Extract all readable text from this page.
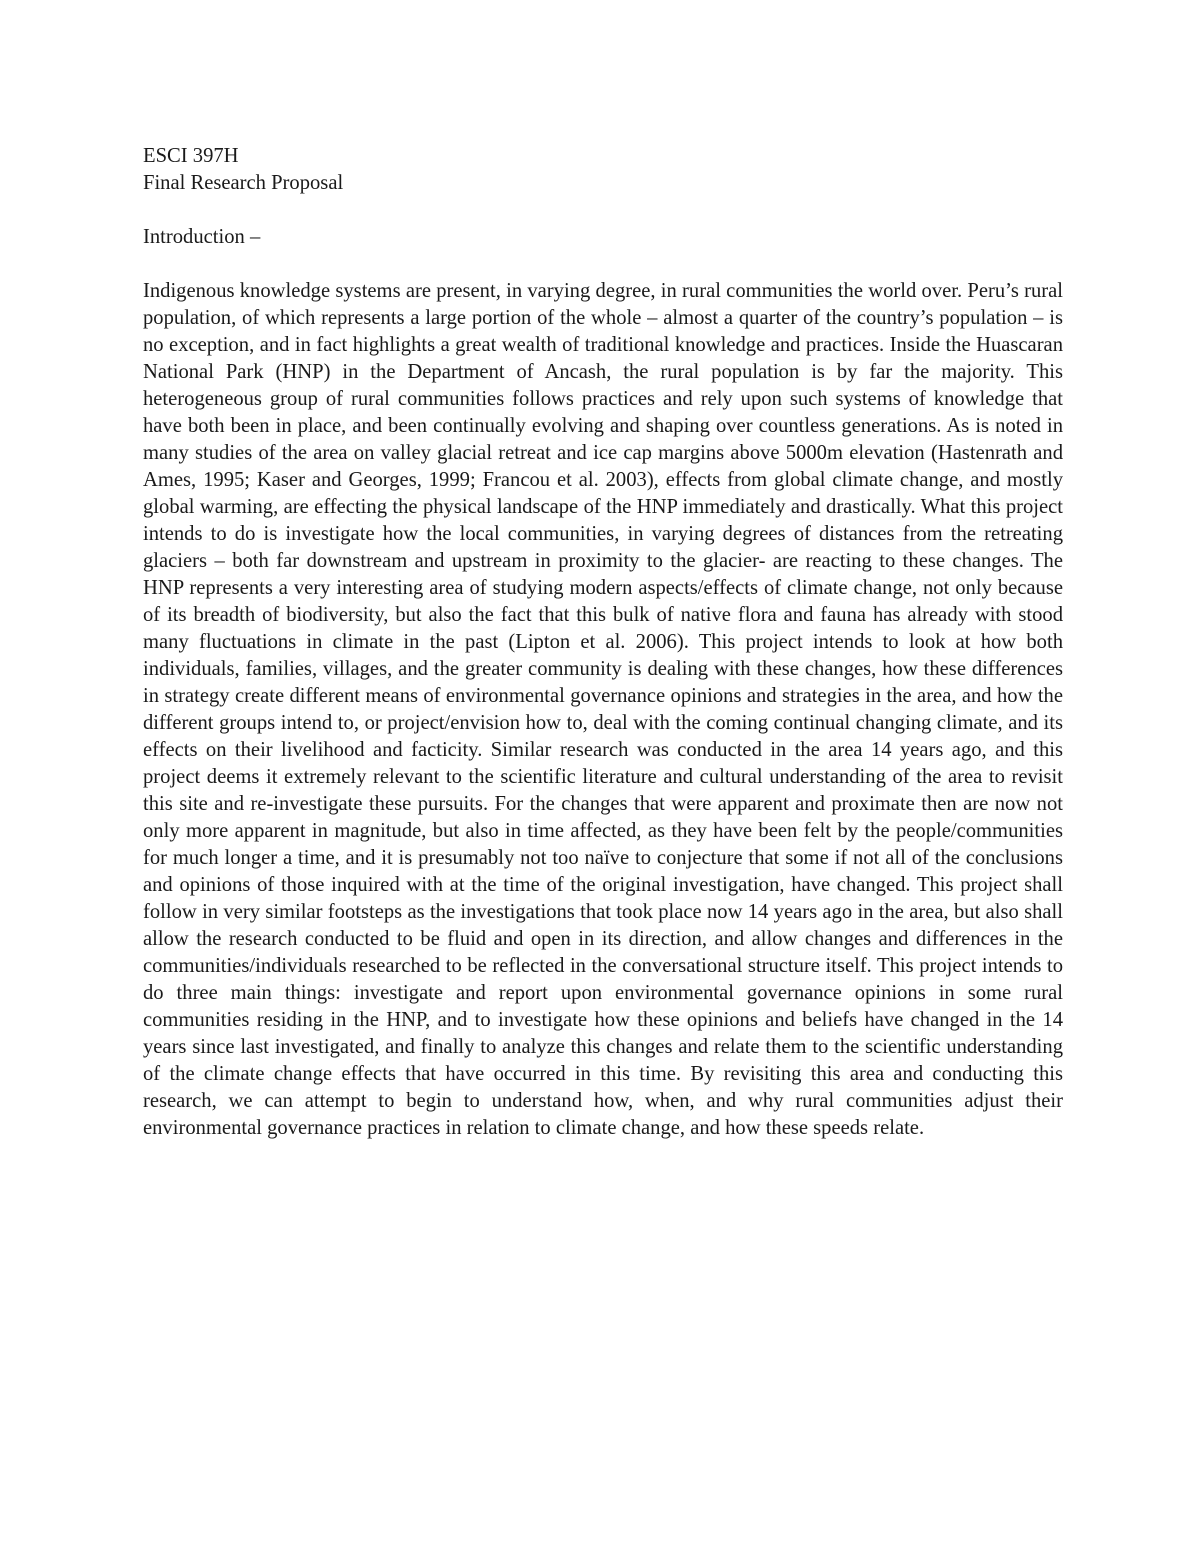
ESCI 397H
Final Research Proposal
Introduction –

Indigenous knowledge systems are present, in varying degree, in rural communities the world over. Peru’s rural population, of which represents a large portion of the whole – almost a quarter of the country’s population – is no exception, and in fact highlights a great wealth of traditional knowledge and practices. Inside the Huascaran National Park (HNP) in the Department of Ancash, the rural population is by far the majority. This heterogeneous group of rural communities follows practices and rely upon such systems of knowledge that have both been in place, and been continually evolving and shaping over countless generations. As is noted in many studies of the area on valley glacial retreat and ice cap margins above 5000m elevation (Hastenrath and Ames, 1995; Kaser and Georges, 1999; Francou et al. 2003), effects from global climate change, and mostly global warming, are effecting the physical landscape of the HNP immediately and drastically. What this project intends to do is investigate how the local communities, in varying degrees of distances from the retreating glaciers – both far downstream and upstream in proximity to the glacier- are reacting to these changes. The HNP represents a very interesting area of studying modern aspects/effects of climate change, not only because of its breadth of biodiversity, but also the fact that this bulk of native flora and fauna has already with stood many fluctuations in climate in the past (Lipton et al. 2006). This project intends to look at how both individuals, families, villages, and the greater community is dealing with these changes, how these differences in strategy create different means of environmental governance opinions and strategies in the area, and how the different groups intend to, or project/envision how to, deal with the coming continual changing climate, and its effects on their livelihood and facticity. Similar research was conducted in the area 14 years ago, and this project deems it extremely relevant to the scientific literature and cultural understanding of the area to revisit this site and re-investigate these pursuits. For the changes that were apparent and proximate then are now not only more apparent in magnitude, but also in time affected, as they have been felt by the people/communities for much longer a time, and it is presumably not too naïve to conjecture that some if not all of the conclusions and opinions of those inquired with at the time of the original investigation, have changed. This project shall follow in very similar footsteps as the investigations that took place now 14 years ago in the area, but also shall allow the research conducted to be fluid and open in its direction, and allow changes and differences in the communities/individuals researched to be reflected in the conversational structure itself. This project intends to do three main things: investigate and report upon environmental governance opinions in some rural communities residing in the HNP, and to investigate how these opinions and beliefs have changed in the 14 years since last investigated, and finally to analyze this changes and relate them to the scientific understanding of the climate change effects that have occurred in this time. By revisiting this area and conducting this research, we can attempt to begin to understand how, when, and why rural communities adjust their environmental governance practices in relation to climate change, and how these speeds relate.
